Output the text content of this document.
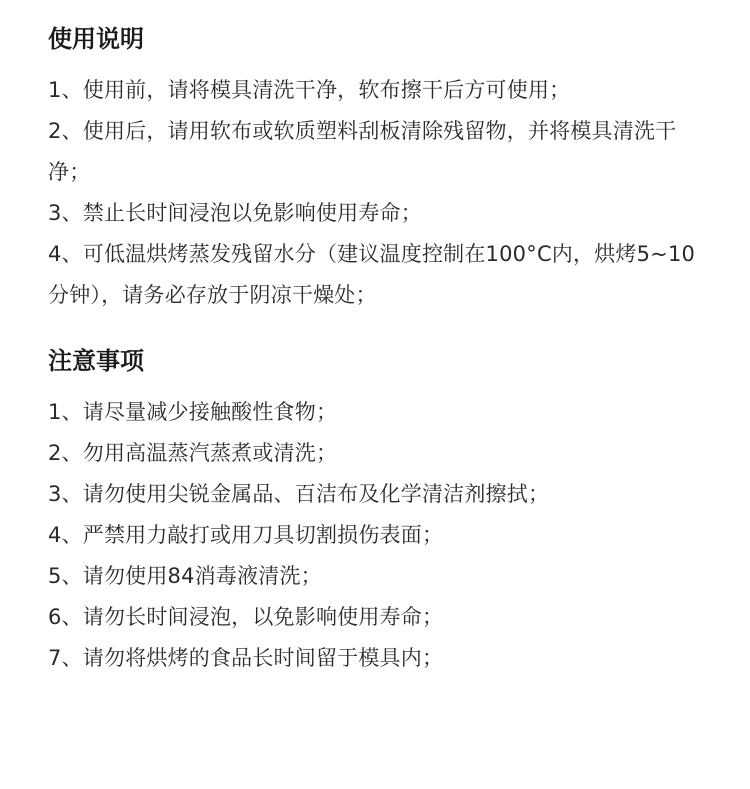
使用说明
1、使用前，请将模具清洗干净，软布擦干后方可使用；
2、使用后，请用软布或软质塑料刮板清除残留物，并将模具清洗干净；
3、禁止长时间浸泡以免影响使用寿命；
4、可低温烘烤蒸发残留水分（建议温度控制在100°C内，烘烤5~10分钟），请务必存放于阴凉干燥处；
注意事项
1、请尽量减少接触酸性食物；
2、勿用高温蒸汽蒸煮或清洗；
3、请勿使用尖锐金属品、百洁布及化学清洁剂擦拭；
4、严禁用力敲打或用刀具切割损伤表面；
5、请勿使用84消毒液清洗；
6、请勿长时间浸泡，以免影响使用寿命；
7、请勿将烘烤的食品长时间留于模具内；
